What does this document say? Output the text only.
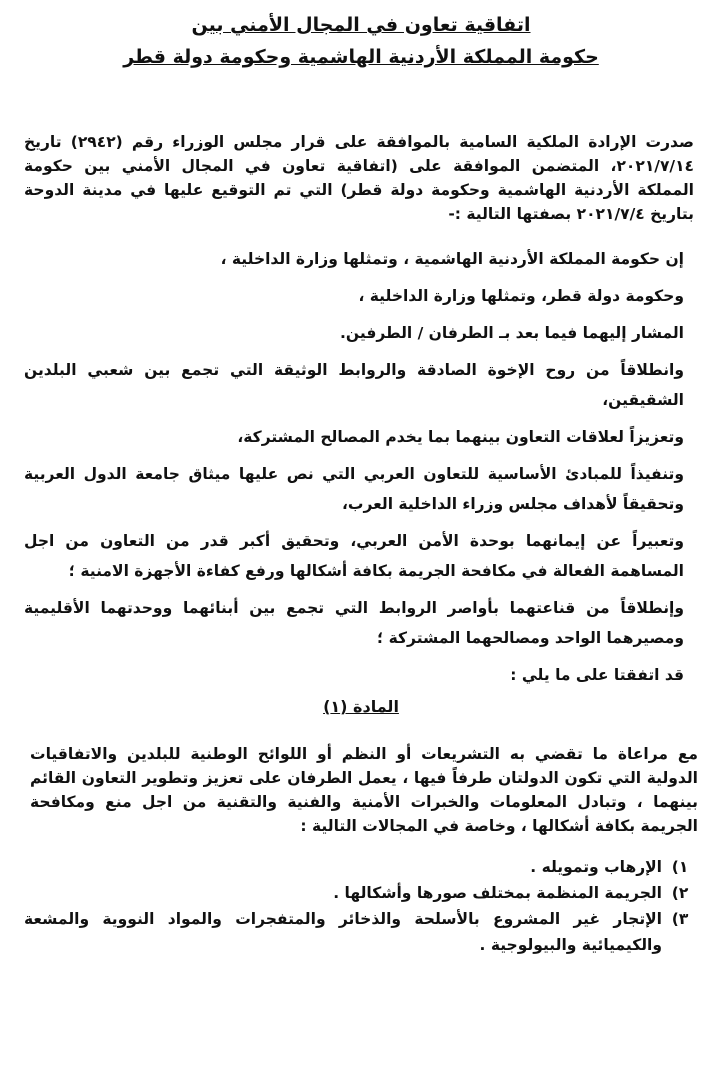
اتفاقية تعاون في المجال الأمني بين
حكومة المملكة الأردنية الهاشمية وحكومة دولة قطر

صدرت الإرادة الملكية السامية بالموافقة على قرار مجلس الوزراء رقم (٢٩٤٢) تاريخ ٢٠٢١/٧/١٤، المتضمن الموافقة على (اتفاقية تعاون في المجال الأمني بين حكومة المملكة الأردنية الهاشمية وحكومة دولة قطر) التي تم التوقيع عليها في مدينة الدوحة بتاريخ ٢٠٢١/٧/٤ بصفتها التالية :-

إن حكومة المملكة الأردنية الهاشمية ، وتمثلها وزارة الداخلية ،

وحكومة دولة قطر، وتمثلها وزارة الداخلية ،

المشار إليهما فيما بعد بـ الطرفان / الطرفين.

وانطلاقاً من روح الإخوة الصادقة والروابط الوثيقة التي تجمع بين شعبي البلدين الشقيقين،

وتعزيزاً لعلاقات التعاون بينهما بما يخدم المصالح المشتركة،

وتنفيذاً للمبادئ الأساسية للتعاون العربي التي نص عليها ميثاق جامعة الدول العربية وتحقيقاً لأهداف مجلس وزراء الداخلية العرب،

وتعبيراً عن إيمانهما بوحدة الأمن العربي، وتحقيق أكبر قدر من التعاون من اجل المساهمة الفعالة في مكافحة الجريمة بكافة أشكالها ورفع كفاءة الأجهزة الامنية ؛

وإنطلاقاً من قناعتهما بأواصر الروابط التي تجمع بين أبنائهما ووحدتهما الأقليمية ومصيرهما الواحد ومصالحهما المشتركة ؛

قد اتفقتا على ما يلي :

المادة (١)

مع مراعاة ما تقضي به التشريعات أو النظم أو اللوائح الوطنية للبلدين والاتفاقيات الدولية التي تكون الدولتان طرفاً فيها ، يعمل الطرفان على تعزيز وتطوير التعاون القائم بينهما ، وتبادل المعلومات والخبرات الأمنية والفنية والتقنية من اجل منع ومكافحة الجريمة بكافة أشكالها ، وخاصة في المجالات التالية :

١)
الإرهاب وتمويله .
٢)
الجريمة المنظمة بمختلف صورها وأشكالها .
٣)
الإتجار غير المشروع بالأسلحة والذخائر والمتفجرات والمواد النووية والمشعة والكيميائية والبيولوجية .
